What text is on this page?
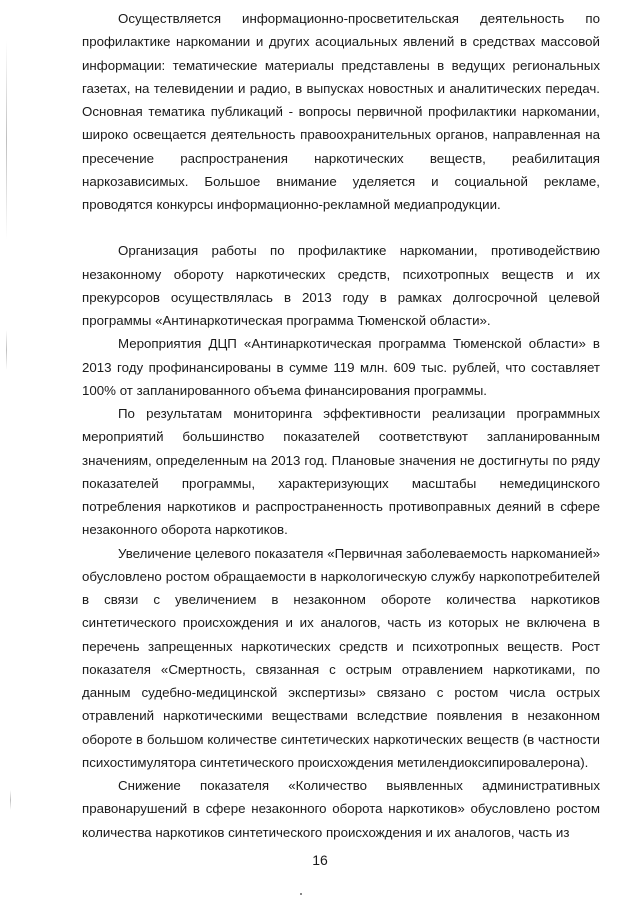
Осуществляется информационно-просветительская деятельность по профилактике наркомании и других асоциальных явлений в средствах массовой информации: тематические материалы представлены в ведущих региональных газетах, на телевидении и радио, в выпусках новостных и аналитических передач. Основная тематика публикаций - вопросы первичной профилактики наркомании, широко освещается деятельность правоохранительных органов, направленная на пресечение распространения наркотических веществ, реабилитация наркозависимых. Большое внимание уделяется и социальной рекламе, проводятся конкурсы информационно-рекламной медиапродукции.

Организация работы по профилактике наркомании, противодействию незаконному обороту наркотических средств, психотропных веществ и их прекурсоров осуществлялась в 2013 году в рамках долгосрочной целевой программы «Антинаркотическая программа Тюменской области».

Мероприятия ДЦП «Антинаркотическая программа Тюменской области» в 2013 году профинансированы в сумме 119 млн. 609 тыс. рублей, что составляет 100% от запланированного объема финансирования программы.

По результатам мониторинга эффективности реализации программных мероприятий большинство показателей соответствуют запланированным значениям, определенным на 2013 год. Плановые значения не достигнуты по ряду показателей программы, характеризующих масштабы немедицинского потребления наркотиков и распространенность противоправных деяний в сфере незаконного оборота наркотиков.

Увеличение целевого показателя «Первичная заболеваемость наркоманией» обусловлено ростом обращаемости в наркологическую службу наркопотребителей в связи с увеличением в незаконном обороте количества наркотиков синтетического происхождения и их аналогов, часть из которых не включена в перечень запрещенных наркотических средств и психотропных веществ. Рост показателя «Смертность, связанная с острым отравлением наркотиками, по данным судебно-медицинской экспертизы» связано с ростом числа острых отравлений наркотическими веществами вследствие появления в незаконном обороте в большом количестве синтетических наркотических веществ (в частности психостимулятора синтетического происхождения метилендиоксипировалерона).

Снижение показателя «Количество выявленных административных правонарушений в сфере незаконного оборота наркотиков» обусловлено ростом количества наркотиков синтетического происхождения и их аналогов, часть из

16
